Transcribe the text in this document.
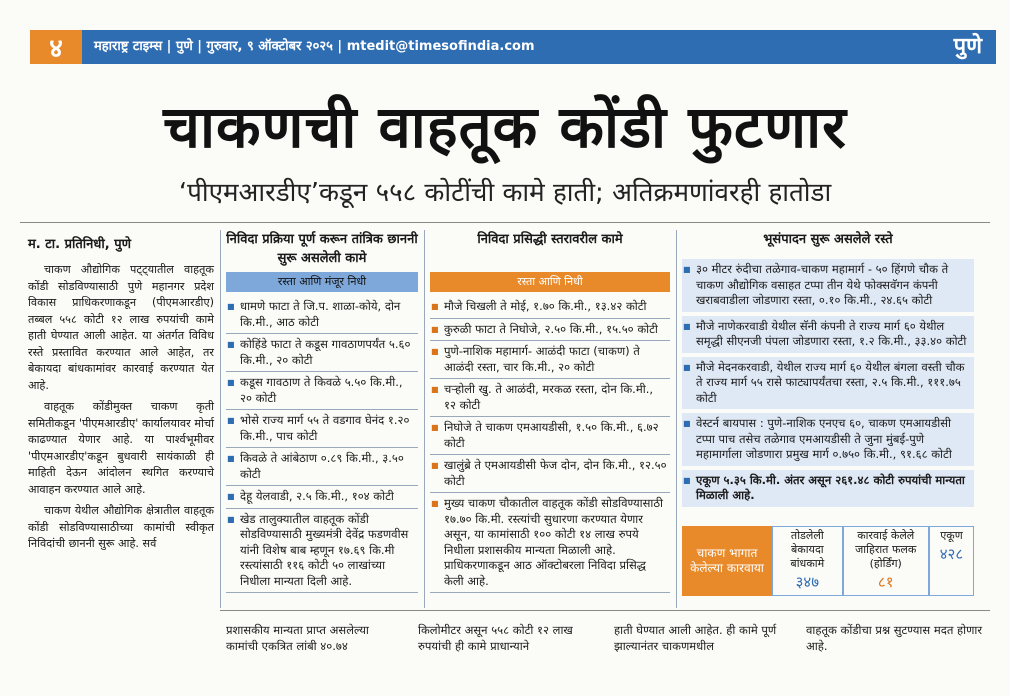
४	महाराष्ट्र टाइम्स | पुणे | गुरुवार, ९ ऑक्टोबर २०२५ | mtedit@timesofindia.com	पुणे
चाकणची वाहतूक कोंडी फुटणार
‘पीएमआरडीए’कडून ५५८ कोटींची कामे हाती; अतिक्रमणांवरही हातोडा
म. टा. प्रतिनिधी, पुणे

चाकण औद्योगिक पट्ट्यातील वाहतूक कोंडी सोडविण्यासाठी पुणे महानगर प्रदेश विकास प्राधिकरणाकडून (पीएमआरडीए) तब्बल ५५८ कोटी १२ लाख रुपयांची कामे हाती घेण्यात आली आहेत. या अंतर्गत विविध रस्ते प्रस्तावित करण्यात आले आहेत, तर बेकायदा बांधकामांवर कारवाई करण्यात येत आहे.

वाहतूक कोंडीमुक्त चाकण कृती समितीकडून 'पीएमआरडीए' कार्यालयावर मोर्चा काढण्यात येणार आहे. या पार्श्वभूमीवर 'पीएमआरडीए'कडून बुधवारी सायंकाळी ही माहिती देऊन आंदोलन स्थगित करण्याचे आवाहन करण्यात आले आहे.

चाकण येथील औद्योगिक क्षेत्रातील वाहतूक कोंडी सोडविण्यासाठीच्या कामांची स्वीकृत निविदांची छाननी सुरू आहे. सर्व

निविदा प्रक्रिया पूर्ण करून तांत्रिक छाननी सुरू असलेली कामे
रस्ता आणि मंजूर निधी
■ धामणे फाटा ते जि.प. शाळा-कोये, दोन कि.मी., आठ कोटी
■ कोहिंडे फाटा ते कडूस गावठाणपर्यंत ५.६० कि.मी., २० कोटी
■ कडूस गावठाण ते किवळे ५.५० कि.मी., २० कोटी
■ भोसे राज्य मार्ग ५५ ते वडगाव घेनंद १.२० कि.मी., पाच कोटी
■ किवळे ते आंबेठाण ०.८९ कि.मी., ३.५० कोटी
■ देहू येलवाडी, २.५ कि.मी., १०४ कोटी
■ खेड तालुक्यातील वाहतूक कोंडी सोडविण्यासाठी मुख्यमंत्री देवेंद्र फडणवीस यांनी विशेष बाब म्हणून १७.६९ कि.मी रस्त्यांसाठी ११६ कोटी ५० लाखांच्या निधीला मान्यता दिली आहे.
निविदा प्रसिद्धी स्तरावरील कामे
रस्ता आणि निधी
■ मौजे चिखली ते मोई, १.७० कि.मी., १३.४२ कोटी
■ कुरुळी फाटा ते निघोजे, २.५० कि.मी., १५.५० कोटी
■ पुणे-नाशिक महामार्ग- आळंदी फाटा (चाकण) ते आळंदी रस्ता, चार कि.मी., २० कोटी
■ चऱ्होली खु. ते आळंदी, मरकळ रस्ता, दोन कि.मी., १२ कोटी
■ निघोजे ते चाकण एमआयडीसी, १.५० कि.मी., ६.७२ कोटी
■ खालुंब्रे ते एमआयडीसी फेज दोन, दोन कि.मी., १२.५० कोटी
■ मुख्य चाकण चौकातील वाहतूक कोंडी सोडविण्यासाठी १७.७० कि.मी. रस्त्यांची सुधारणा करण्यात येणार असून, या कामांसाठी १०० कोटी १४ लाख रुपये निधीला प्रशासकीय मान्यता मिळाली आहे. प्राधिकरणाकडून आठ ऑक्टोबरला निविदा प्रसिद्ध केली आहे.
भूसंपादन सुरू असलेले रस्ते
■ ३० मीटर रुंदीचा तळेगाव-चाकण महामार्ग - ५० हिंगणे चौक ते चाकण औद्योगिक वसाहत टप्पा तीन येथे फोक्सवॅगन कंपनी खराबवाडीला जोडणारा रस्ता, ०.१० कि.मी., २४.६५ कोटी
■ मौजे नाणेकरवाडी येथील सॅनी कंपनी ते राज्य मार्ग ६० येथील समृद्धी सीएनजी पंपला जोडणारा रस्ता, १.२ कि.मी., ३३.४० कोटी
■ मौजे मेदनकरवाडी, येथील राज्य मार्ग ६० येथील बंगला वस्ती चौक ते राज्य मार्ग ५५ रासे फाट्यापर्यंतचा रस्ता, २.५ कि.मी., १११.७५ कोटी
■ वेस्टर्न बायपास : पुणे-नाशिक एनएच ६०, चाकण एमआयडीसी टप्पा पाच तसेच तळेगाव एमआयडीसी ते जुना मुंबई-पुणे महामार्गाला जोडणारा प्रमुख मार्ग ०.७५० कि.मी., ९१.६८ कोटी
■ एकूण ५.३५ कि.मी. अंतर असून २६१.४८ कोटी रुपयांची मान्यता मिळाली आहे.
चाकण भागात केलेल्या कारवाया
तोडलेली बेकायदा बांधकामे
३४७
कारवाई केलेले जाहिरात फलक (होर्डिंग)
८१
एकूण
४२८
प्रशासकीय मान्यता प्राप्त असलेल्या कामांची एकत्रित लांबी ४०.७४
किलोमीटर असून ५५८ कोटी १२ लाख रुपयांची ही कामे प्राधान्याने
हाती घेण्यात आली आहेत. ही कामे पूर्ण झाल्यानंतर चाकणमधील
वाहतूक कोंडीचा प्रश्न सुटण्यास मदत होणार आहे.
